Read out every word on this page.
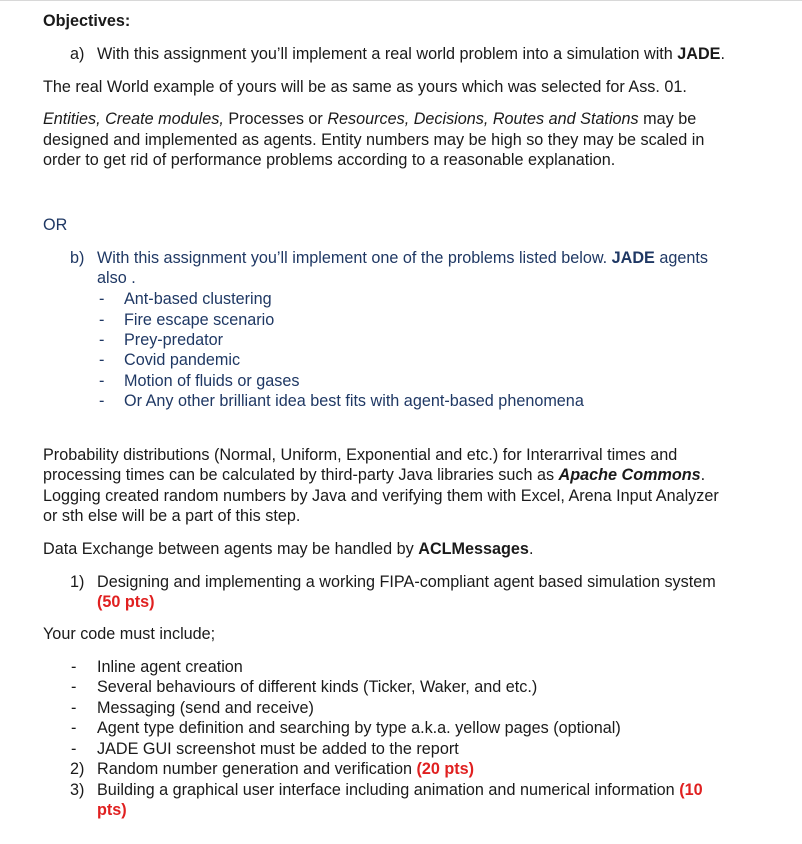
Objectives:
a) With this assignment you’ll implement a real world problem into a simulation with JADE.
The real World example of yours will be as same as yours which was selected for Ass. 01.
Entities, Create modules, Processes or Resources, Decisions, Routes and Stations may be
designed and implemented as agents. Entity numbers may be high so they may be scaled in
order to get rid of performance problems according to a reasonable explanation.
OR
b) With this assignment you’ll implement one of the problems listed below. JADE agents
also .
- Ant-based clustering
- Fire escape scenario
- Prey-predator
- Covid pandemic
- Motion of fluids or gases
- Or Any other brilliant idea best fits with agent-based phenomena
Probability distributions (Normal, Uniform, Exponential and etc.) for Interarrival times and
processing times can be calculated by third-party Java libraries such as Apache Commons.
Logging created random numbers by Java and verifying them with Excel, Arena Input Analyzer
or sth else will be a part of this step.
Data Exchange between agents may be handled by ACLMessages.
1) Designing and implementing a working FIPA-compliant agent based simulation system
(50 pts)
Your code must include;
- Inline agent creation
- Several behaviours of different kinds (Ticker, Waker, and etc.)
- Messaging (send and receive)
- Agent type definition and searching by type a.k.a. yellow pages (optional)
- JADE GUI screenshot must be added to the report
2) Random number generation and verification (20 pts)
3) Building a graphical user interface including animation and numerical information (10
pts)
